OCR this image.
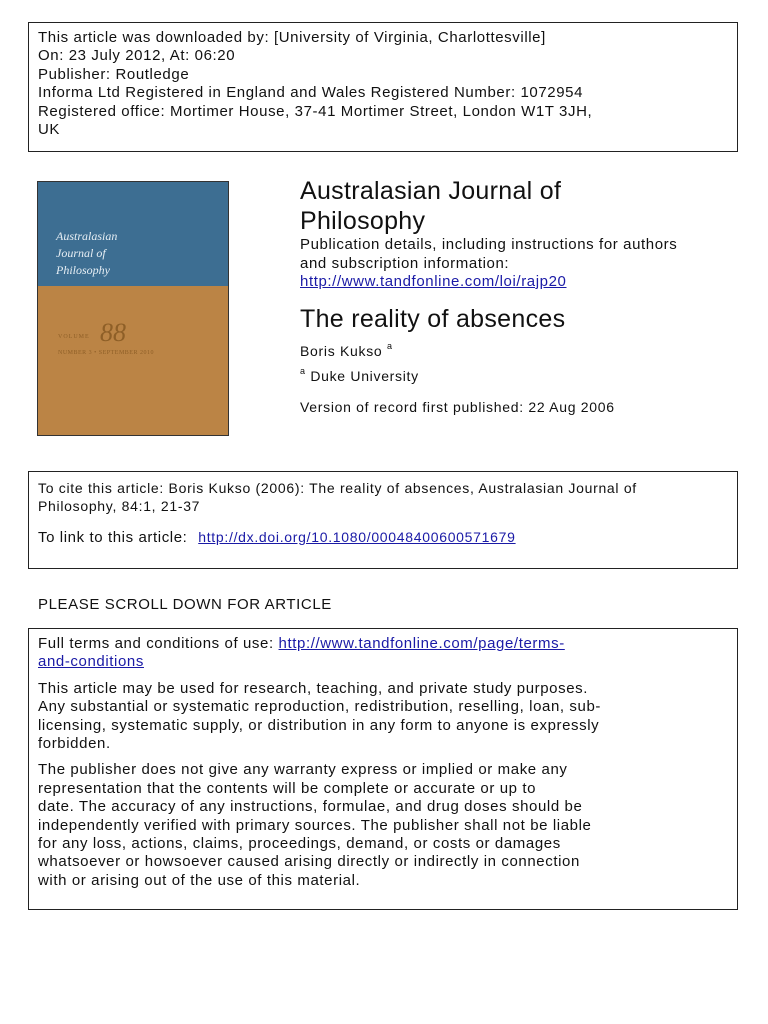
This article was downloaded by: [University of Virginia, Charlottesville]
On: 23 July 2012, At: 06:20
Publisher: Routledge
Informa Ltd Registered in England and Wales Registered Number: 1072954
Registered office: Mortimer House, 37-41 Mortimer Street, London W1T 3JH,
UK
Australasian
Journal of
Philosophy
VOLUME 88
NUMBER 3 • SEPTEMBER 2010
Australasian Journal of
Philosophy
Publication details, including instructions for authors
and subscription information:
http://www.tandfonline.com/loi/rajp20
The reality of absences
Boris Kukso $^a$
$^a$ Duke University
Version of record first published: 22 Aug 2006
To cite this article: Boris Kukso (2006): The reality of absences, Australasian Journal of
Philosophy, 84:1, 21-37
To link to this article: http://dx.doi.org/10.1080/00048400600571679
PLEASE SCROLL DOWN FOR ARTICLE
Full terms and conditions of use: http://www.tandfonline.com/page/terms-
and-conditions
This article may be used for research, teaching, and private study purposes.
Any substantial or systematic reproduction, redistribution, reselling, loan, sub-
licensing, systematic supply, or distribution in any form to anyone is expressly
forbidden.
The publisher does not give any warranty express or implied or make any
representation that the contents will be complete or accurate or up to
date. The accuracy of any instructions, formulae, and drug doses should be
independently verified with primary sources. The publisher shall not be liable
for any loss, actions, claims, proceedings, demand, or costs or damages
whatsoever or howsoever caused arising directly or indirectly in connection
with or arising out of the use of this material.
